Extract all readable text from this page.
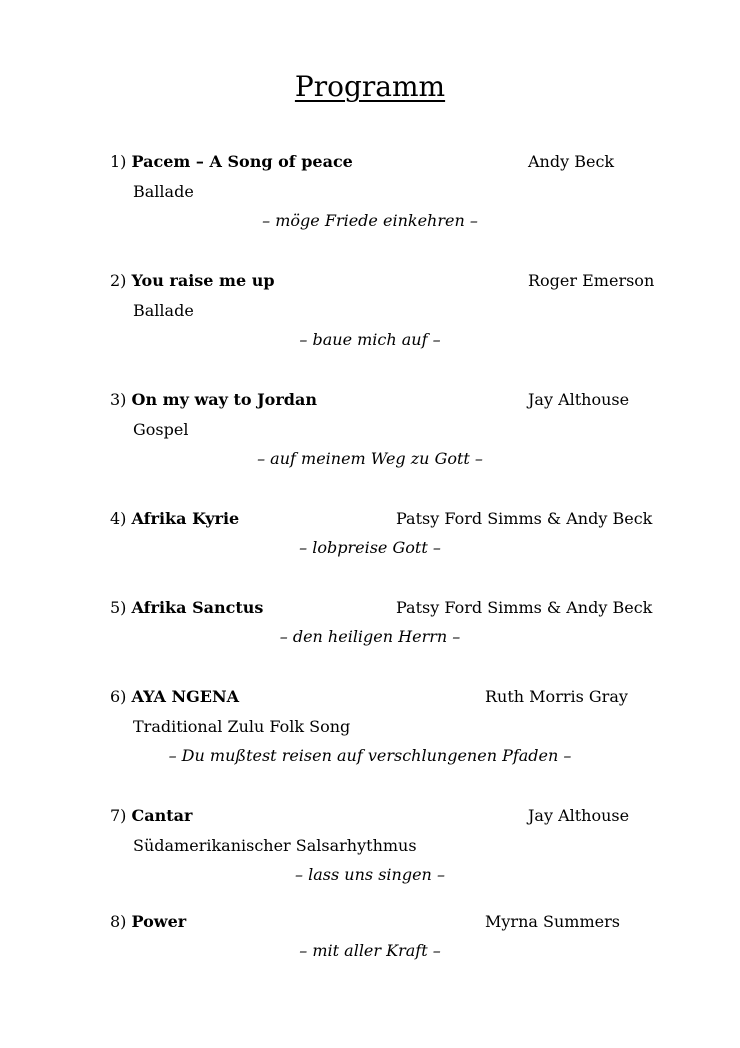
Programm
1) Pacem – A Song of peace	Andy Beck
Ballade
– möge Friede einkehren –
2) You raise me up	Roger Emerson
Ballade
– baue mich auf –
3) On my way to Jordan	Jay Althouse
Gospel
– auf meinem Weg zu Gott –
4) Afrika Kyrie	Patsy Ford Simms & Andy Beck
– lobpreise Gott –
5) Afrika Sanctus	Patsy Ford Simms & Andy Beck
– den heiligen Herrn –
6) AYA NGENA	Ruth Morris Gray
Traditional Zulu Folk Song
– Du mußtest reisen auf verschlungenen Pfaden –
7) Cantar	Jay Althouse
Südamerikanischer Salsarhythmus
– lass uns singen –
8) Power	Myrna Summers
– mit aller Kraft –
